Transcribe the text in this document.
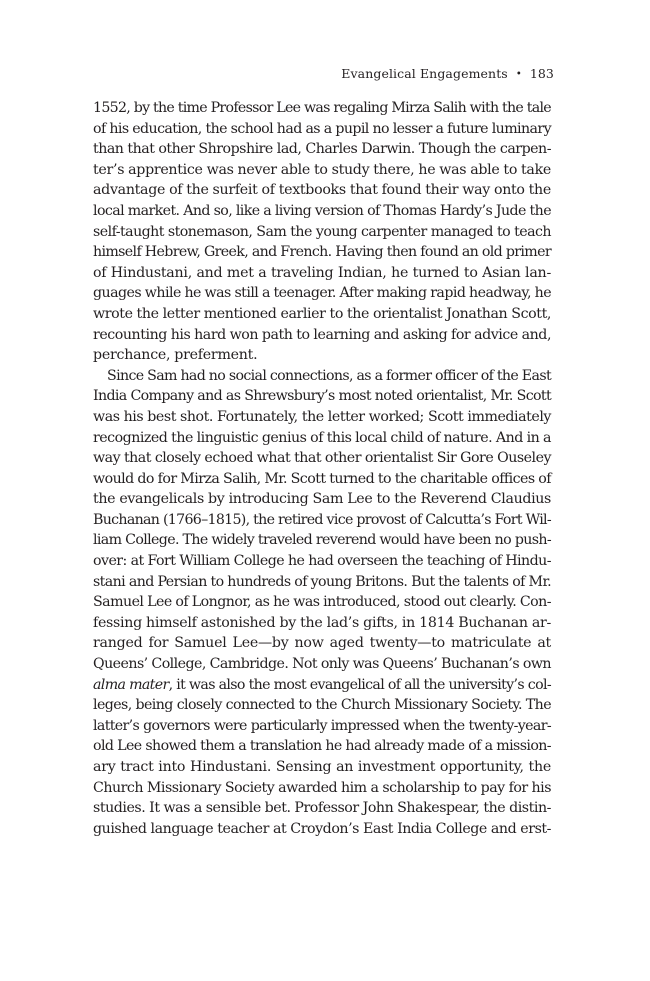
Evangelical Engagements • 183
1552, by the time Professor Lee was regaling Mirza Salih with the tale
of his education, the school had as a pupil no lesser a future luminary
than that other Shropshire lad, Charles Darwin. Though the carpen-
ter’s apprentice was never able to study there, he was able to take
advantage of the surfeit of textbooks that found their way onto the
local market. And so, like a living version of Thomas Hardy’s Jude the
self-taught stonemason, Sam the young carpenter managed to teach
himself Hebrew, Greek, and French. Having then found an old primer
of Hindustani, and met a traveling Indian, he turned to Asian lan-
guages while he was still a teenager. After making rapid headway, he
wrote the letter mentioned earlier to the orientalist Jonathan Scott,
recounting his hard won path to learning and asking for advice and,
perchance, preferment.
Since Sam had no social connections, as a former officer of the East
India Company and as Shrewsbury’s most noted orientalist, Mr. Scott
was his best shot. Fortunately, the letter worked; Scott immediately
recognized the linguistic genius of this local child of nature. And in a
way that closely echoed what that other orientalist Sir Gore Ouseley
would do for Mirza Salih, Mr. Scott turned to the charitable offices of
the evangelicals by introducing Sam Lee to the Reverend Claudius
Buchanan (1766–1815), the retired vice provost of Calcutta’s Fort Wil-
liam College. The widely traveled reverend would have been no push-
over: at Fort William College he had overseen the teaching of Hindu-
stani and Persian to hundreds of young Britons. But the talents of Mr.
Samuel Lee of Longnor, as he was introduced, stood out clearly. Con-
fessing himself astonished by the lad’s gifts, in 1814 Buchanan ar-
ranged for Samuel Lee—by now aged twenty—to matriculate at
Queens’ College, Cambridge. Not only was Queens’ Buchanan’s own
alma mater, it was also the most evangelical of all the university’s col-
leges, being closely connected to the Church Missionary Society. The
latter’s governors were particularly impressed when the twenty-year-
old Lee showed them a translation he had already made of a mission-
ary tract into Hindustani. Sensing an investment opportunity, the
Church Missionary Society awarded him a scholarship to pay for his
studies. It was a sensible bet. Professor John Shakespear, the distin-
guished language teacher at Croydon’s East India College and erst-
